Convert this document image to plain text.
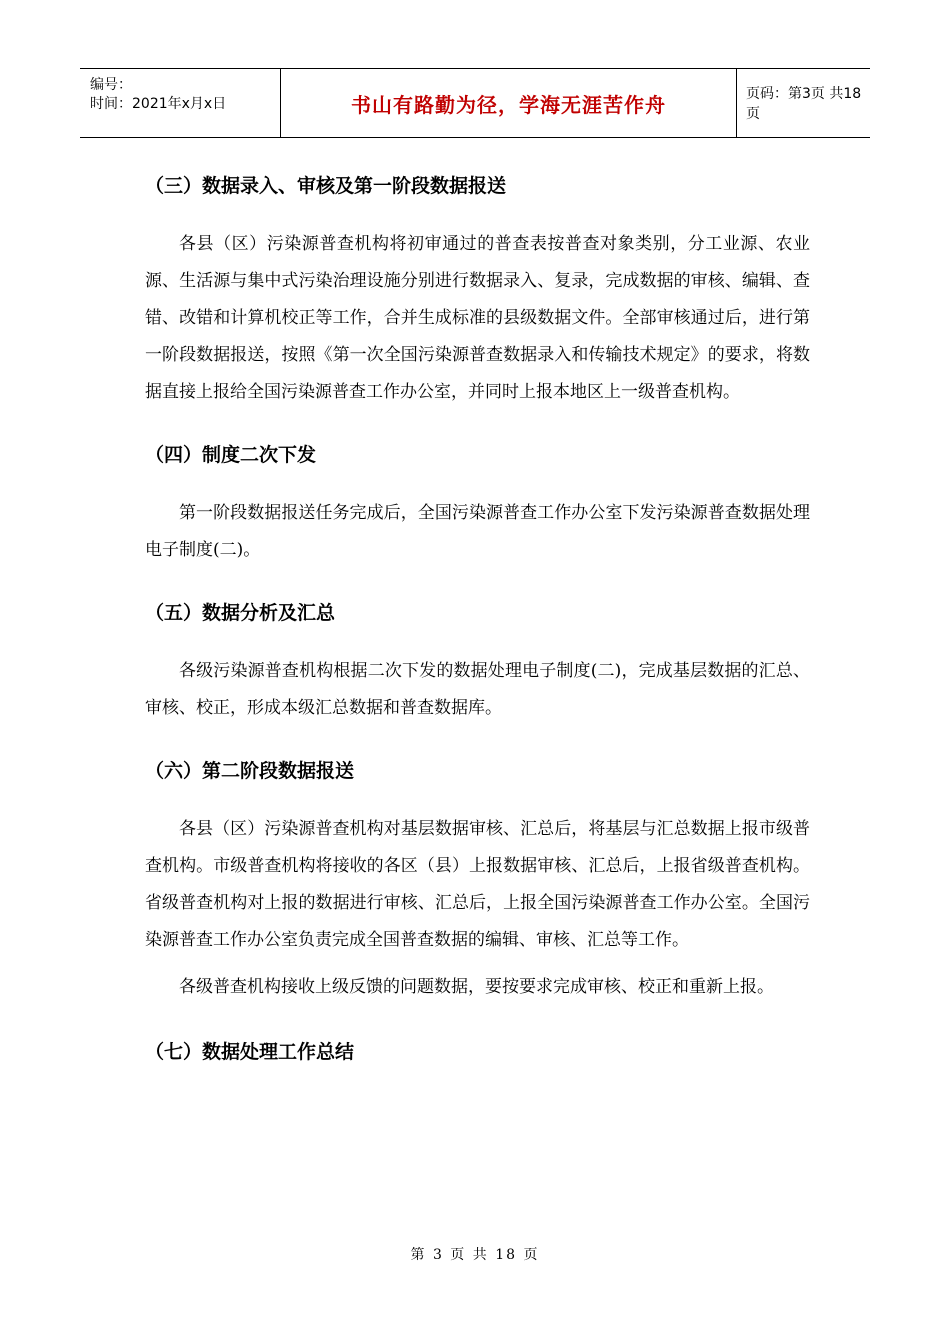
编号：
时间：2021年x月x日	书山有路勤为径，学海无涯苦作舟	页码：第3页 共18页
（三）数据录入、审核及第一阶段数据报送

各县（区）污染源普查机构将初审通过的普查表按普查对象类别，分工业源、农业源、生活源与集中式污染治理设施分别进行数据录入、复录，完成数据的审核、编辑、查错、改错和计算机校正等工作，合并生成标准的县级数据文件。全部审核通过后，进行第一阶段数据报送，按照《第一次全国污染源普查数据录入和传输技术规定》的要求，将数据直接上报给全国污染源普查工作办公室，并同时上报本地区上一级普查机构。

（四）制度二次下发

第一阶段数据报送任务完成后，全国污染源普查工作办公室下发污染源普查数据处理电子制度(二)。

（五）数据分析及汇总

各级污染源普查机构根据二次下发的数据处理电子制度(二)，完成基层数据的汇总、审核、校正，形成本级汇总数据和普查数据库。

（六）第二阶段数据报送

各县（区）污染源普查机构对基层数据审核、汇总后，将基层与汇总数据上报市级普查机构。市级普查机构将接收的各区（县）上报数据审核、汇总后，上报省级普查机构。省级普查机构对上报的数据进行审核、汇总后，上报全国污染源普查工作办公室。全国污染源普查工作办公室负责完成全国普查数据的编辑、审核、汇总等工作。

各级普查机构接收上级反馈的问题数据，要按要求完成审核、校正和重新上报。

（七）数据处理工作总结
第 3 页 共 18 页
